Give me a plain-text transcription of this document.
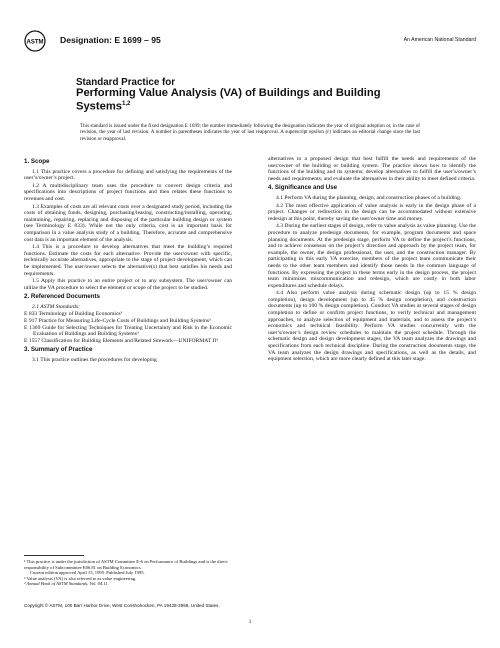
ASTM Designation: E 1699 – 95	An American National Standard
Standard Practice for
Performing Value Analysis (VA) of Buildings and Building
Systems$^{1,2}$
This standard is issued under the fixed designation E 1699; the number immediately following the designation indicates the year of original adoption or, in the case of revision, the year of last revision. A number in parentheses indicates the year of last reapproval. A superscript epsilon (ε) indicates an editorial change since the last revision or reapproval.
1. Scope

1.1 This practice covers a procedure for defining and satisfying the requirements of the user’s/owner’s project.

1.2 A multidisciplinary team uses the procedure to convert design criteria and specifications into descriptions of project functions and then relates these functions to revenues and cost.

1.3 Examples of costs are all relevant costs over a designated study period, including the costs of obtaining funds, designing, purchasing/leasing, constructing/installing, operating, maintaining, repairing, replacing and disposing of the particular building design or system (see Terminology E 833). While not the only criteria, cost is an important basis for comparison in a value analysis study of a building. Therefore, accurate and comprehensive cost data is an important element of the analysis.

1.4 This is a procedure to develop alternatives that meet the building’s required functions. Estimate the costs for each alternative. Provide the user/owner with specific, technically accurate alternatives, appropriate to the stage of project development, which can be implemented. The user/owner selects the alternative(s) that best satisfies his needs and requirements.

1.5 Apply this practice to an entire project or to any subsystem. The user/owner can utilize the VA procedure to select the element or scope of the project to be studied.

2. Referenced Documents

2.1 ASTM Standards:

E 833 Terminology of Building Economics³

E 917 Practice for Measuring Life-Cycle Costs of Buildings and Building Systems³

E 1369 Guide for Selecting Techniques for Treating Uncertainty and Risk in the Economic Evaluation of Buildings and Building Systems³

E 1557 Classification for Building Elements and Related Sitework—UNIFORMAT II³

3. Summary of Practice

3.1 This practice outlines the procedures for developing

alternatives to a proposed design that best fulfill the needs and requirements of the user/owner of the building or building system. The practice shows how to identify the functions of the building and its systems; develop alternatives to fulfill the user’s/owner’s needs and requirements; and evaluate the alternatives in their ability to meet defined criteria.

4. Significance and Use

4.1 Perform VA during the planning, design, and construction phases of a building.

4.2 The most effective application of value analysis is early in the design phase of a project. Changes or redirection in the design can be accommodated without extensive redesign at this point, thereby saving the user/owner time and money.

4.3 During the earliest stages of design, refer to value analysis as value planning. Use the procedure to analyze predesign documents, for example, program documents and space planning documents. At the predesign stage, perform VA to define the project’s functions, and to achieve consensus on the project’s direction and approach by the project team, for example, the owner, the design professional, the user, and the construction manager. By participating in this early VA exercise, members of the project team communicate their needs to the other team members and identify those needs in the common language of functions. By expressing the project in these terms early in the design process, the project team minimizes miscommunication and redesign, which are costly in both labor expenditures and schedule delays.

4.4 Also perform value analysis during schematic design (up to 15 % design completion), design development (up to 45 % design completion), and construction documents (up to 100 % design completion). Conduct VA studies at several stages of design completion to define or confirm project functions, to verify technical and management approaches, to analyze selection of equipment and materials, and to assess the project’s economics and technical feasibility. Perform VA studies concurrently with the user’s/owner’s design review schedules to maintain the project schedule. Through the schematic design and design development stages, the VA team analyzes the drawings and specifications from each technical discipline. During the construction documents stage, the VA team analyzes the design drawings and specifications, as well as the details, and equipment selection, which are more clearly defined at this later stage.

¹ This practice is under the jurisdiction of ASTM Committee E-6 on Performance of Buildings and is the direct responsibility of Subcommittee E06.81 on Building Economics.

Current edition approved April 15, 1995. Published July 1995.

² Value analysis (VA) is also referred to as value engineering.

³ Annual Book of ASTM Standards, Vol. 04.11.

Copyright © ASTM, 100 Barr Harbor Drive, West Conshohocken, PA 19428-2959, United States.
1
